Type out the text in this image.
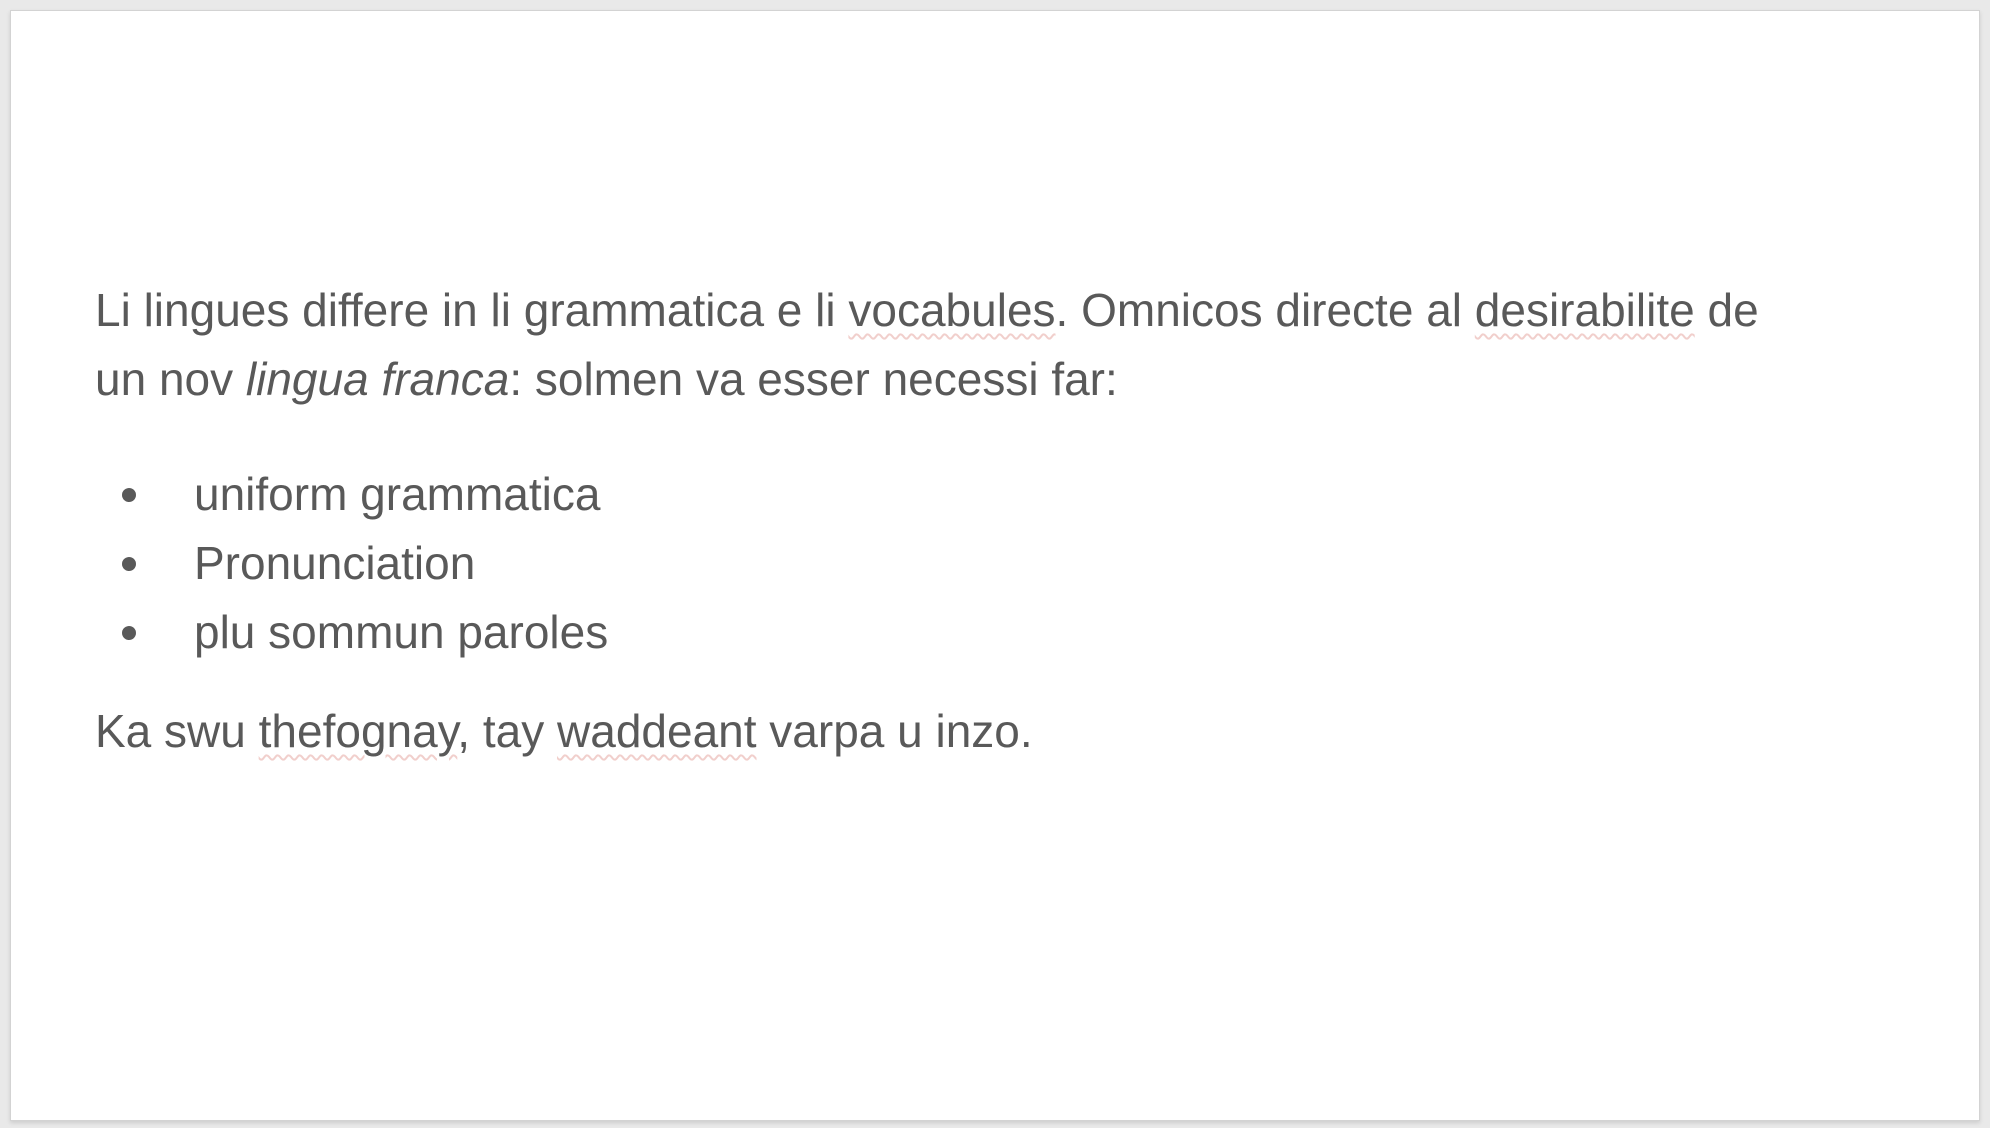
Li lingues differe in li grammatica e li vocabules. Omnicos directe al desirabilite de
un nov lingua franca: solmen va esser necessi far:

uniform grammatica
Pronunciation
plu sommun paroles

Ka swu thefognay, tay waddeant varpa u inzo.
